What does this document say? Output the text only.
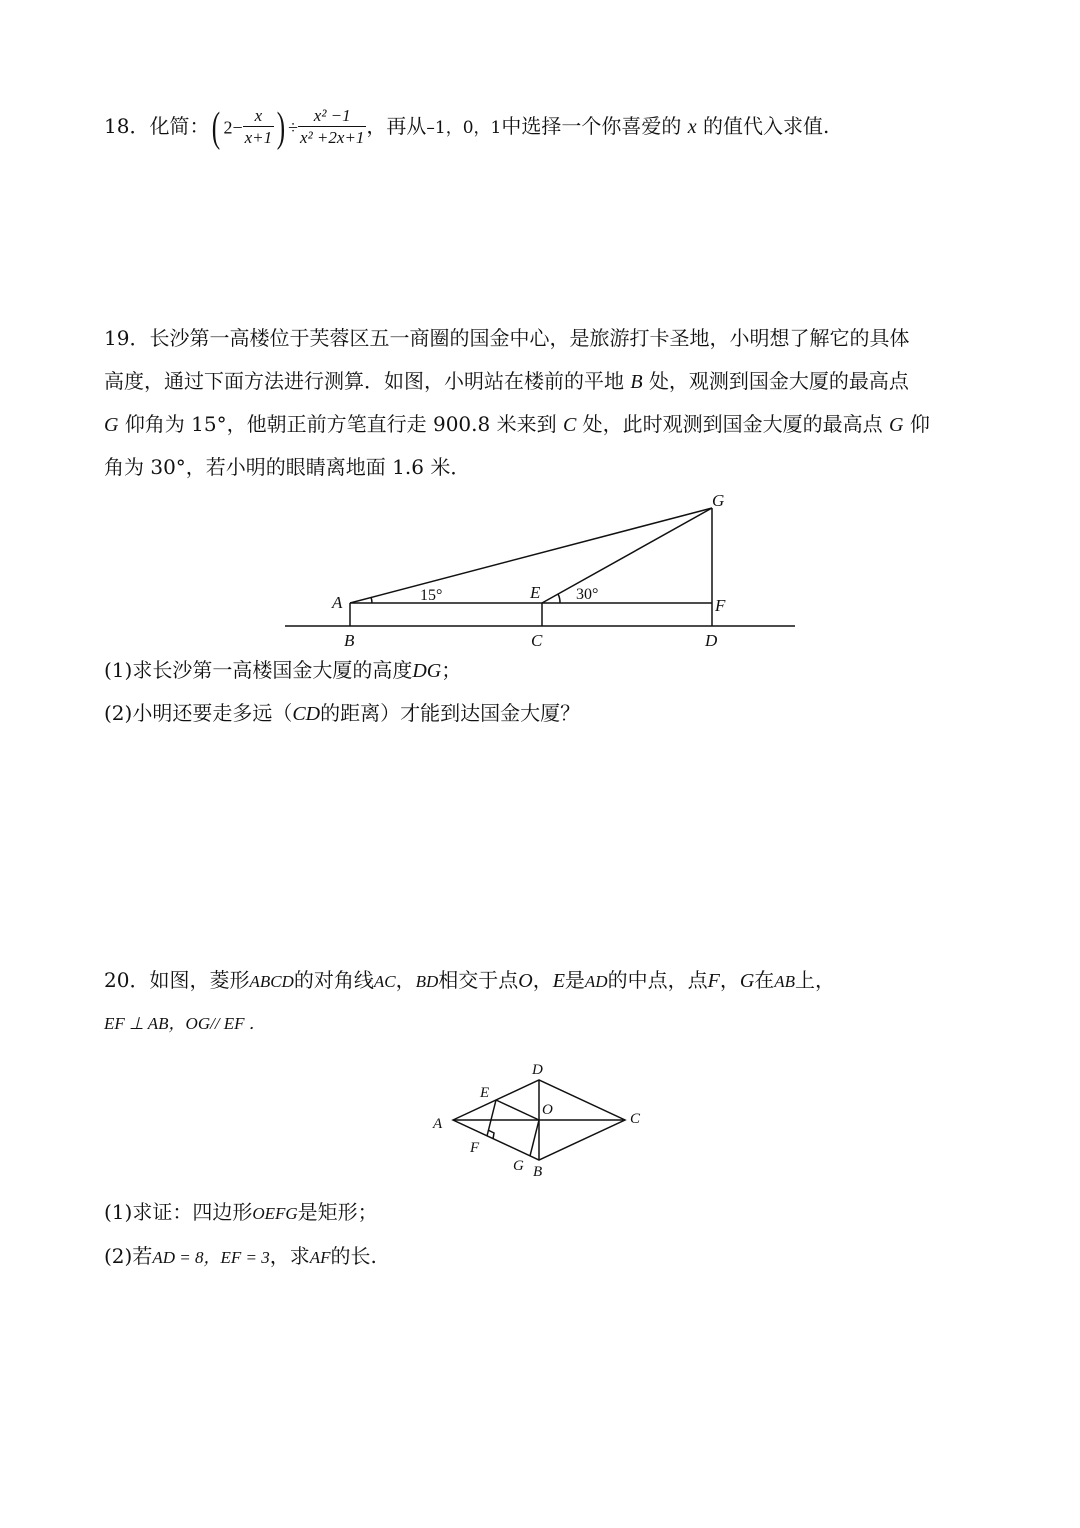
18．化简：( $2- \frac{x}{x+1}$ ) ÷ $\frac{\text{x² −1}}{\text{x² +2x+1}}$ ，再从–1，0，1中选择一个你喜爱的 x 的值代入求值.
19．长沙第一高楼位于芙蓉区五一商圈的国金中心，是旅游打卡圣地，小明想了解它的具体
高度，通过下面方法进行测算．如图，小明站在楼前的平地 B 处，观测到国金大厦的最高点
G 仰角为 15°，他朝正前方笔直行走 900.8 米来到 C 处，此时观测到国金大厦的最高点 G 仰
角为 30°，若小明的眼睛离地面 1.6 米．
G
A
E
F
B	C	D
15°	30°
(1)求长沙第一高楼国金大厦的高度DG；
(2)小明还要走多远（CD的距离）才能到达国金大厦？
20．如图，菱形ABCD的对角线AC，BD相交于点O，E是AD的中点，点F，G在AB上，
EF ⊥ AB，OG// EF ．
D
E
O
A	C
F
G B
(1)求证：四边形OEFG是矩形；
(2)若AD = 8，EF = 3，求AF的长.
